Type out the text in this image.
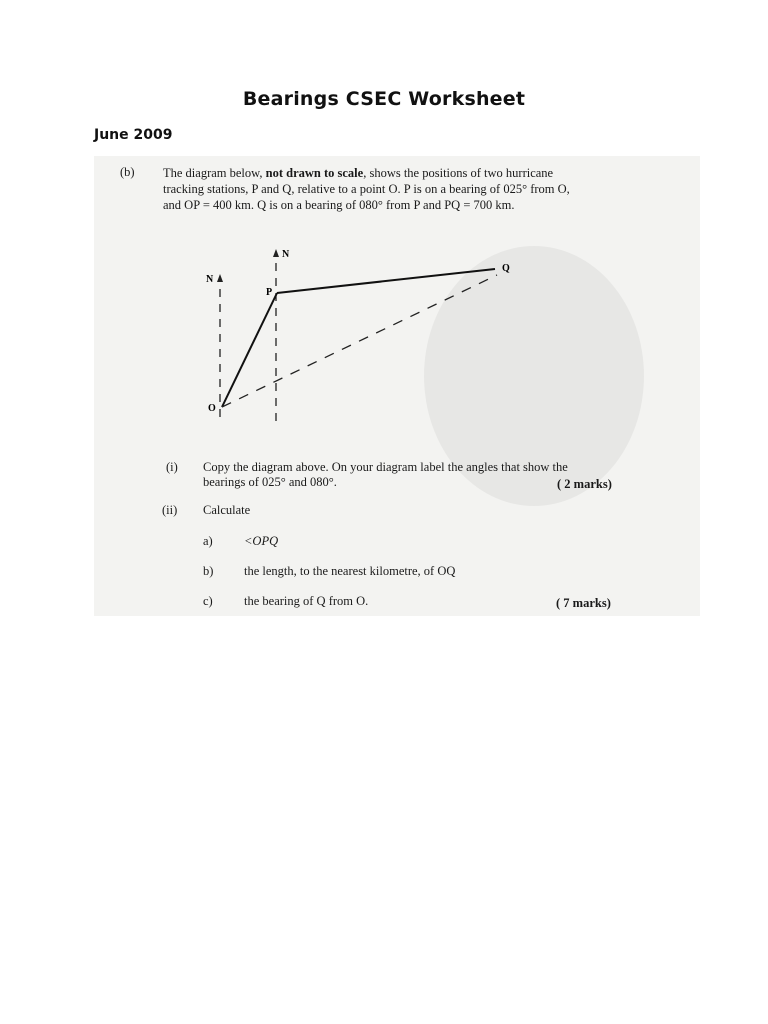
Bearings CSEC Worksheet
June 2009
(b) The diagram below, not drawn to scale, shows the positions of two hurricane
tracking stations, P and Q, relative to a point O. P is on a bearing of 025° from O,
and OP = 400 km. Q is on a bearing of 080° from P and PQ = 700 km.
N
N
O
P
Q
(i) Copy the diagram above. On your diagram label the angles that show the
bearings of 025° and 080°.	( 2 marks)
(ii) Calculate
a)	<OPQ
b) the length, to the nearest kilometre, of OQ
c)	the bearing of Q from O.	( 7 marks)
